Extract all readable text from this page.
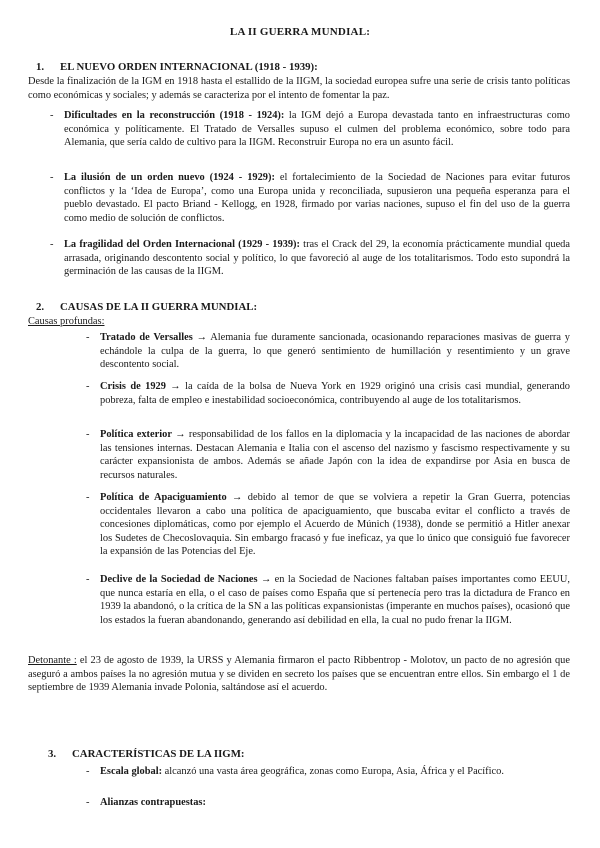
LA II GUERRA MUNDIAL:
1. EL NUEVO ORDEN INTERNACIONAL (1918 - 1939):
Desde la finalización de la IGM en 1918 hasta el estallido de la IIGM, la sociedad europea sufre una serie de crisis tanto políticas como económicas y sociales; y además se caracteriza por el intento de fomentar la paz.
-	Dificultades en la reconstrucción (1918 - 1924): la IGM dejó a Europa devastada tanto en infraestructuras como económica y políticamente. El Tratado de Versalles supuso el culmen del problema económico, sobre todo para Alemania, que sería caldo de cultivo para la IIGM. Reconstruir Europa no era un asunto fácil.
-	La ilusión de un orden nuevo (1924 - 1929): el fortalecimiento de la Sociedad de Naciones para evitar futuros conflictos y la ‘Idea de Europa’, como una Europa unida y reconciliada, supusieron una pequeña esperanza para el pueblo devastado. El pacto Briand - Kellogg, en 1928, firmado por varias naciones, supuso el fin del uso de la guerra como medio de solución de conflictos.
-	La fragilidad del Orden Internacional (1929 - 1939): tras el Crack del 29, la economía prácticamente mundial queda arrasada, originando descontento social y político, lo que favoreció al auge de los totalitarismos. Todo esto supondrá la germinación de las causas de la IIGM.
2. CAUSAS DE LA II GUERRA MUNDIAL:
Causas profundas:
-	Tratado de Versalles → Alemania fue duramente sancionada, ocasionando reparaciones masivas de guerra y echándole la culpa de la guerra, lo que generó sentimiento de humillación y resentimiento y un grave descontento social.
-	Crisis de 1929 → la caída de la bolsa de Nueva York en 1929 originó una crisis casi mundial, generando pobreza, falta de empleo e inestabilidad socioeconómica, contribuyendo al auge de los totalitarismos.
-	Política exterior → responsabilidad de los fallos en la diplomacia y la incapacidad de las naciones de abordar las tensiones internas. Destacan Alemania e Italia con el ascenso del nazismo y fascismo respectivamente y su carácter expansionista de ambos. Además se añade Japón con la idea de expandirse por Asia en busca de recursos naturales.
-	Política de Apaciguamiento → debido al temor de que se volviera a repetir la Gran Guerra, potencias occidentales llevaron a cabo una política de apaciguamiento, que buscaba evitar el conflicto a través de concesiones diplomáticas, como por ejemplo el Acuerdo de Múnich (1938), donde se permitió a Hitler anexar los Sudetes de Checoslovaquia. Sin embargo fracasó y fue ineficaz, ya que lo único que consiguió fue favorecer la expansión de las Potencias del Eje.
-	Declive de la Sociedad de Naciones → en la Sociedad de Naciones faltaban países importantes como EEUU, que nunca estaría en ella, o el caso de países como España que sí pertenecía pero tras la dictadura de Franco en 1939 la abandonó, o la crítica de la SN a las políticas expansionistas (imperante en muchos países), ocasionó que los estados la fueran abandonando, generando así debilidad en ella, la cual no pudo frenar la IIGM.
Detonante : el 23 de agosto de 1939, la URSS y Alemania firmaron el pacto Ribbentrop - Molotov, un pacto de no agresión que aseguró a ambos países la no agresión mutua y se dividen en secreto los países que se encuentran entre ellos. Sin embargo el 1 de septiembre de 1939 Alemania invade Polonia, saltándose así el acuerdo.
3. CARACTERÍSTICAS DE LA IIGM:
-	Escala global: alcanzó una vasta área geográfica, zonas como Europa, Asia, África y el Pacífico.
-	Alianzas contrapuestas:
